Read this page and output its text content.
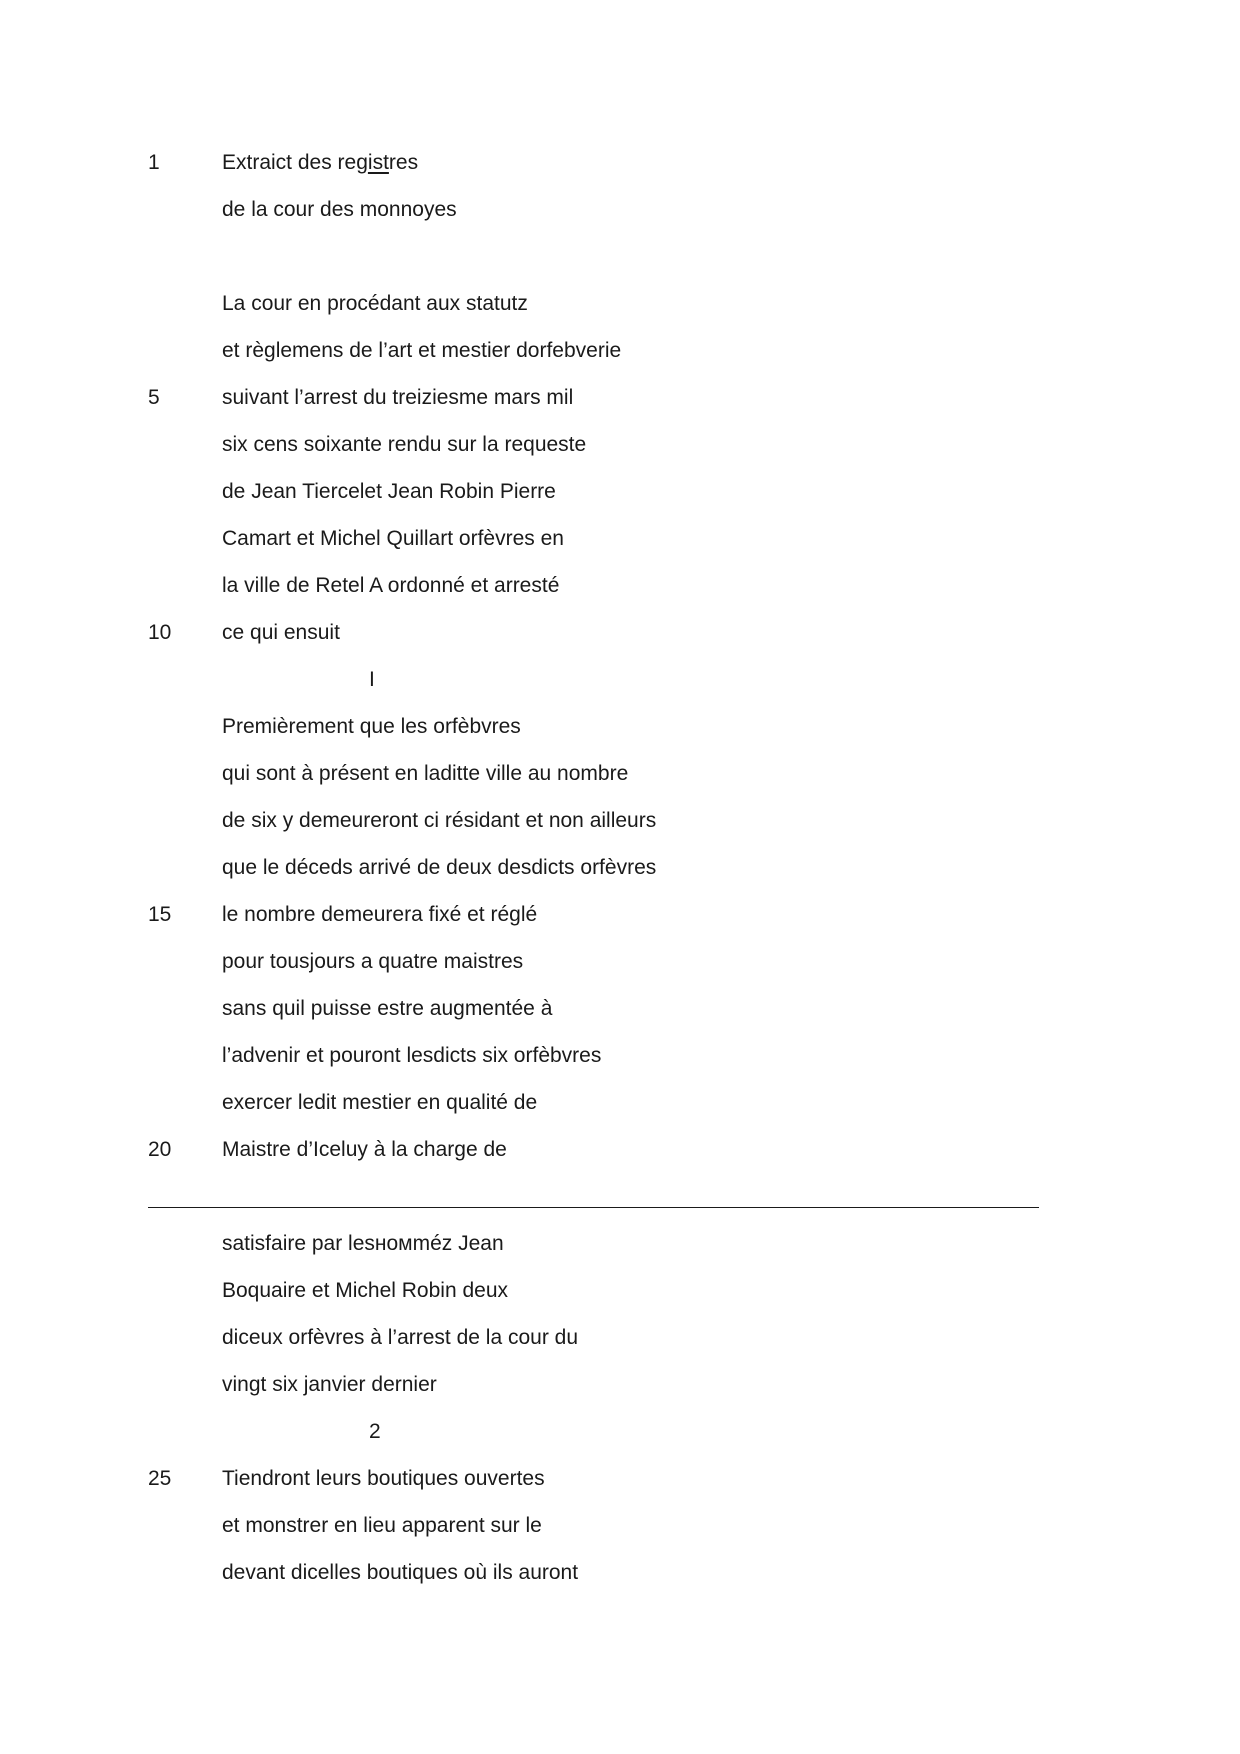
1	Extraict des registres
de la cour des monnoyes
La cour en procédant aux statutz
et règlemens de l’art et mestier dorfebverie
5	suivant l’arrest du treiziesme mars mil
six cens soixante rendu sur la requeste
de Jean Tiercelet Jean Robin Pierre
Camart et Michel Quillart orfèvres en
la ville de Retel A ordonné et arresté
10 ce qui ensuit
I
Premièrement que les orfèbvres
qui sont à présent en laditte ville au nombre
de six y demeureront ci résidant et non ailleurs
que le déceds arrivé de deux desdicts orfèvres
15 le nombre demeurera fixé et réglé
pour tousjours a quatre maistres
sans quil puisse estre augmentée à
l’advenir et pouront lesdicts six orfèbvres
exercer ledit mestier en qualité de
20 Maistre d’Iceluy à la charge de
satisfaire par lesномméz Jean
Boquaire et Michel Robin deux
diceux orfèvres à l’arrest de la cour du
vingt six janvier dernier
2
25 Tiendront leurs boutiques ouvertes
et monstrer en lieu apparent sur le
devant dicelles boutiques où ils auront
